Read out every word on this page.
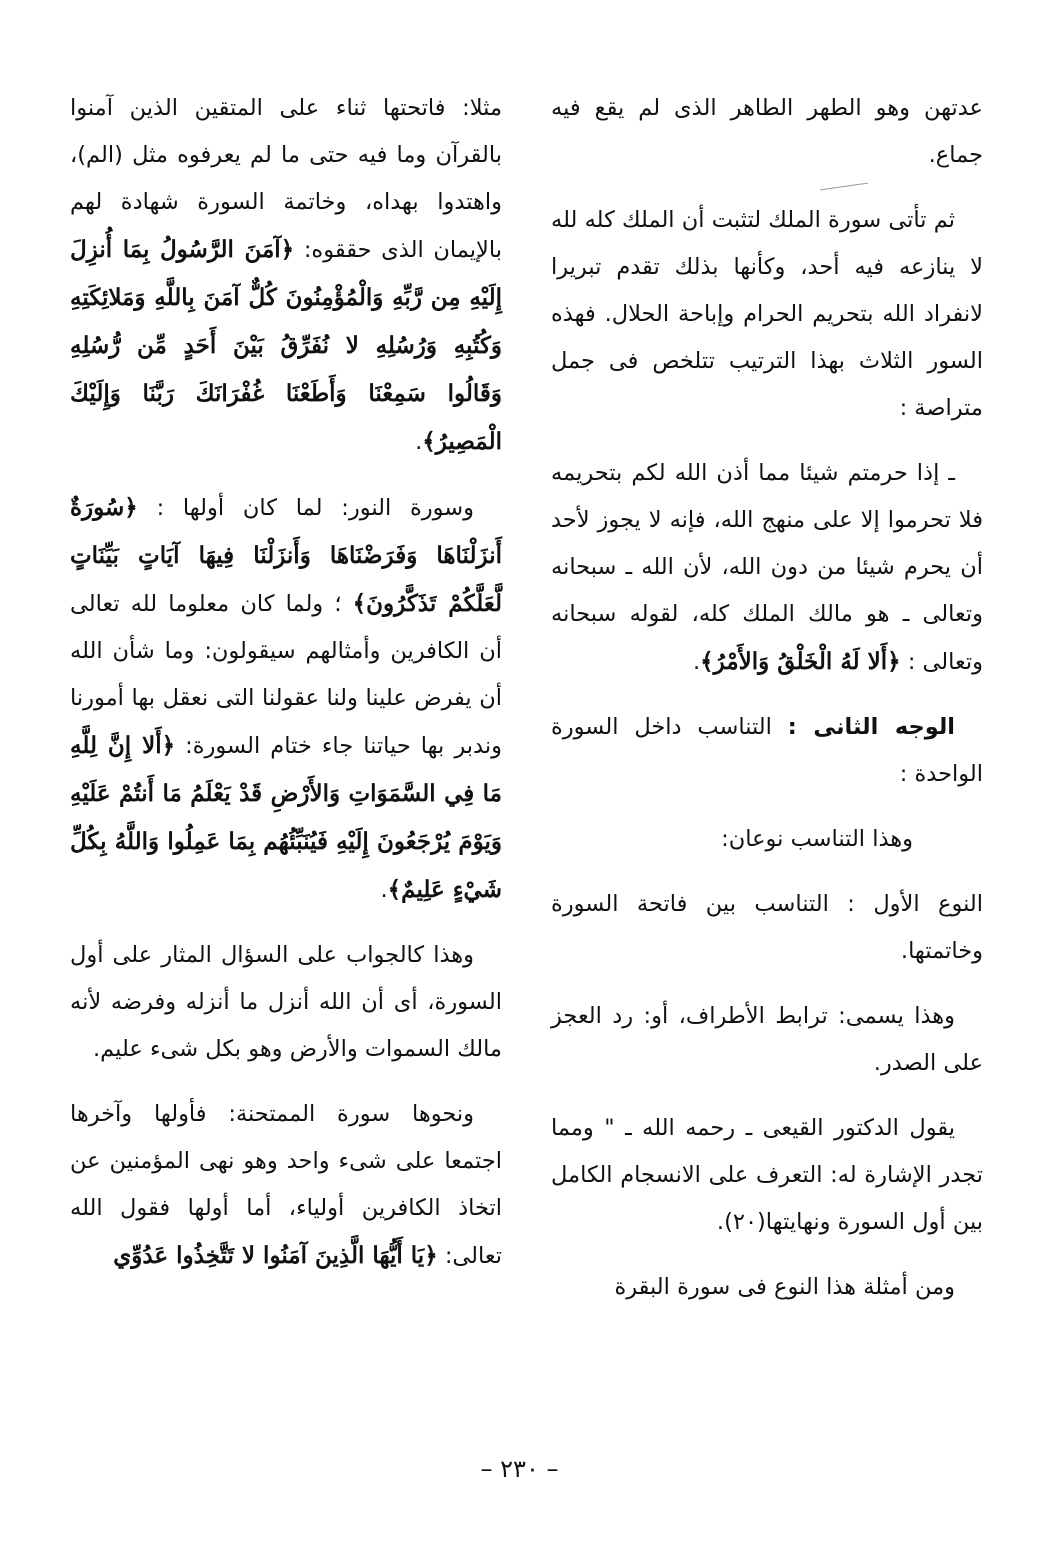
عدتهن وهو الطهر الطاهر الذى لم يقع فيه جماع.

ثم تأتى سورة الملك لتثبت أن الملك كله لله لا ينازعه فيه أحد، وكأنها بذلك تقدم تبريرا لانفراد الله بتحريم الحرام وإباحة الحلال. فهذه السور الثلاث بهذا الترتيب تتلخص فى جمل متراصة :

ـ إذا حرمتم شيئا مما أذن الله لكم بتحريمه فلا تحرموا إلا على منهج الله، فإنه لا يجوز لأحد أن يحرم شيئا من دون الله، لأن الله ـ سبحانه وتعالى ـ هو مالك الملك كله، لقوله سبحانه وتعالى : ﴿أَلا لَهُ الْخَلْقُ وَالأَمْرُ﴾.

الوجه الثانى : التناسب داخل السورة الواحدة :

وهذا التناسب نوعان:

النوع الأول : التناسب بين فاتحة السورة وخاتمتها.

وهذا يسمى: ترابط الأطراف، أو: رد العجز على الصدر.

يقول الدكتور القيعى ـ رحمه الله ـ " ومما تجدر الإشارة له: التعرف على الانسجام الكامل بين أول السورة ونهايتها(٢٠).

ومن أمثلة هذا النوع فى سورة البقرة

مثلا: فاتحتها ثناء على المتقين الذين آمنوا بالقرآن وما فيه حتى ما لم يعرفوه مثل (الم)، واهتدوا بهداه، وخاتمة السورة شهادة لهم بالإيمان الذى حققوه: ﴿آمَنَ الرَّسُولُ بِمَا أُنزِلَ إِلَيْهِ مِن رَّبِّهِ وَالْمُؤْمِنُونَ كُلٌّ آمَنَ بِاللَّهِ وَمَلائِكَتِهِ وَكُتُبِهِ وَرُسُلِهِ لا نُفَرِّقُ بَيْنَ أَحَدٍ مِّن رُّسُلِهِ وَقَالُوا سَمِعْنَا وَأَطَعْنَا غُفْرَانَكَ رَبَّنَا وَإِلَيْكَ الْمَصِيرُ﴾.

وسورة النور: لما كان أولها : ﴿سُورَةٌ أَنزَلْنَاهَا وَفَرَضْنَاهَا وَأَنزَلْنَا فِيهَا آيَاتٍ بَيِّنَاتٍ لَّعَلَّكُمْ تَذَكَّرُونَ﴾ ؛ ولما كان معلوما لله تعالى أن الكافرين وأمثالهم سيقولون: وما شأن الله أن يفرض علينا ولنا عقولنا التى نعقل بها أمورنا وندبر بها حياتنا جاء ختام السورة: ﴿أَلا إِنَّ لِلَّهِ مَا فِي السَّمَوَاتِ وَالأَرْضِ قَدْ يَعْلَمُ مَا أَنتُمْ عَلَيْهِ وَيَوْمَ يُرْجَعُونَ إِلَيْهِ فَيُنَبِّئُهُم بِمَا عَمِلُوا وَاللَّهُ بِكُلِّ شَيْءٍ عَلِيمٌ﴾.

وهذا كالجواب على السؤال المثار على أول السورة، أى أن الله أنزل ما أنزله وفرضه لأنه مالك السموات والأرض وهو بكل شىء عليم.

ونحوها سورة الممتحنة: فأولها وآخرها اجتمعا على شىء واحد وهو نهى المؤمنين عن اتخاذ الكافرين أولياء، أما أولها فقول الله تعالى: ﴿يَا أَيُّهَا الَّذِينَ آمَنُوا لا تَتَّخِذُوا عَدُوِّي

– ٢٣٠ –
